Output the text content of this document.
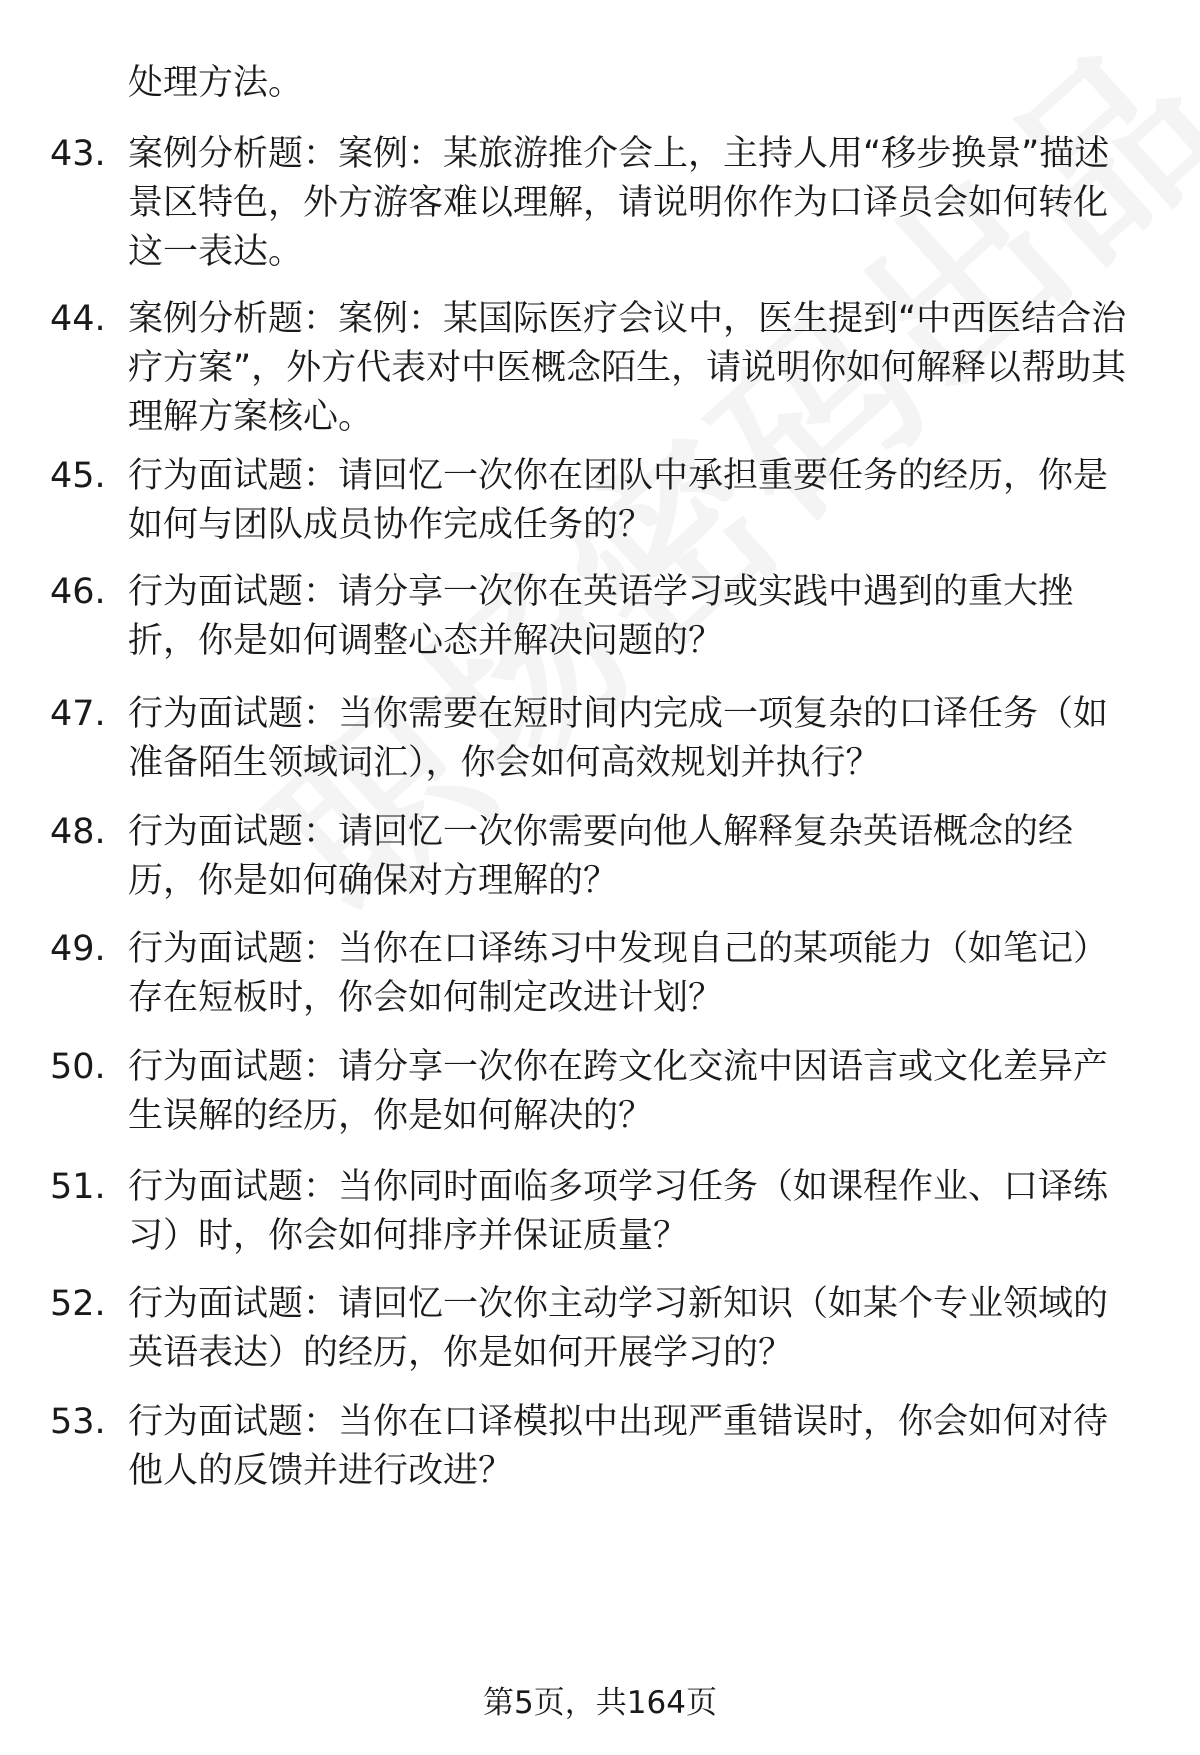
处理方法。
43. 案例分析题：案例：某旅游推介会上，主持人用“移步换景”描述景区特色，外方游客难以理解，请说明你作为口译员会如何转化这一表达。
44. 案例分析题：案例：某国际医疗会议中，医生提到“中西医结合治疗方案”，外方代表对中医概念陌生，请说明你如何解释以帮助其理解方案核心。
45. 行为面试题：请回忆一次你在团队中承担重要任务的经历，你是如何与团队成员协作完成任务的？
46. 行为面试题：请分享一次你在英语学习或实践中遇到的重大挫折，你是如何调整心态并解决问题的？
47. 行为面试题：当你需要在短时间内完成一项复杂的口译任务（如准备陌生领域词汇），你会如何高效规划并执行？
48. 行为面试题：请回忆一次你需要向他人解释复杂英语概念的经历，你是如何确保对方理解的？
49. 行为面试题：当你在口译练习中发现自己的某项能力（如笔记）存在短板时，你会如何制定改进计划？
50. 行为面试题：请分享一次你在跨文化交流中因语言或文化差异产生误解的经历，你是如何解决的？
51. 行为面试题：当你同时面临多项学习任务（如课程作业、口译练习）时，你会如何排序并保证质量？
52. 行为面试题：请回忆一次你主动学习新知识（如某个专业领域的英语表达）的经历，你是如何开展学习的？
53. 行为面试题：当你在口译模拟中出现严重错误时，你会如何对待他人的反馈并进行改进？
第5页，共164页
